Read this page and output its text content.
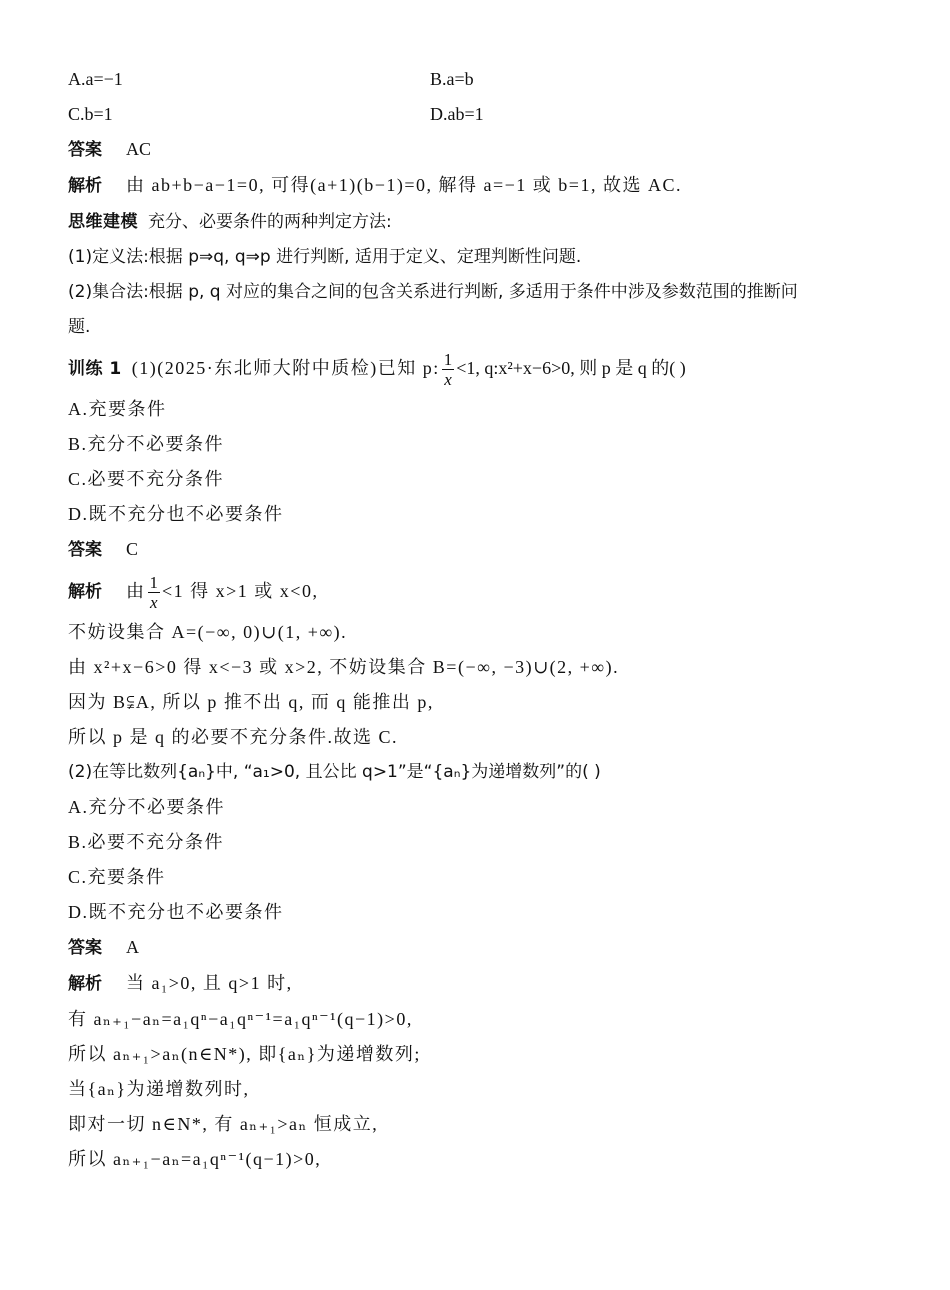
A.a=−1	B.a=b
C.b=1	D.ab=1
答案 AC
解析 由 ab+b−a−1=0, 可得(a+1)(b−1)=0, 解得 a=−1 或 b=1, 故选 AC.
思维建模 充分、必要条件的两种判定方法:
(1)定义法:根据 p⇒q, q⇒p 进行判断, 适用于定义、定理判断性问题.
(2)集合法:根据 p, q 对应的集合之间的包含关系进行判断, 多适用于条件中涉及参数范围的推断问
题.
训练 1 (1)(2025·东北师大附中质检)已知 p: $\frac{1}{x} <1$, q:x²+x−6>0, 则 p 是 q 的( )
A.充要条件
B.充分不必要条件
C.必要不充分条件
D.既不充分也不必要条件
答案 C
解析 由 $\frac{1}{x} <1$ 得 x>1 或 x<0,
不妨设集合 A=(−∞, 0)∪(1, +∞).
由 x²+x−6>0 得 x<−3 或 x>2, 不妨设集合 B=(−∞, −3)∪(2, +∞).
因为 B⫋A, 所以 p 推不出 q, 而 q 能推出 p,
所以 p 是 q 的必要不充分条件.故选 C.
(2)在等比数列{aₙ}中, “a₁>0, 且公比 q>1”是“{aₙ}为递增数列”的( )
A.充分不必要条件
B.必要不充分条件
C.充要条件
D.既不充分也不必要条件
答案 A
解析 当 a₁>0, 且 q>1 时,
有 aₙ₊₁−aₙ=a₁qⁿ−a₁qⁿ⁻¹=a₁qⁿ⁻¹(q−1)>0,
所以 aₙ₊₁>aₙ(n∈N*), 即{aₙ}为递增数列;
当{aₙ}为递增数列时,
即对一切 n∈N*, 有 aₙ₊₁>aₙ 恒成立,
所以 aₙ₊₁−aₙ=a₁qⁿ⁻¹(q−1)>0,
